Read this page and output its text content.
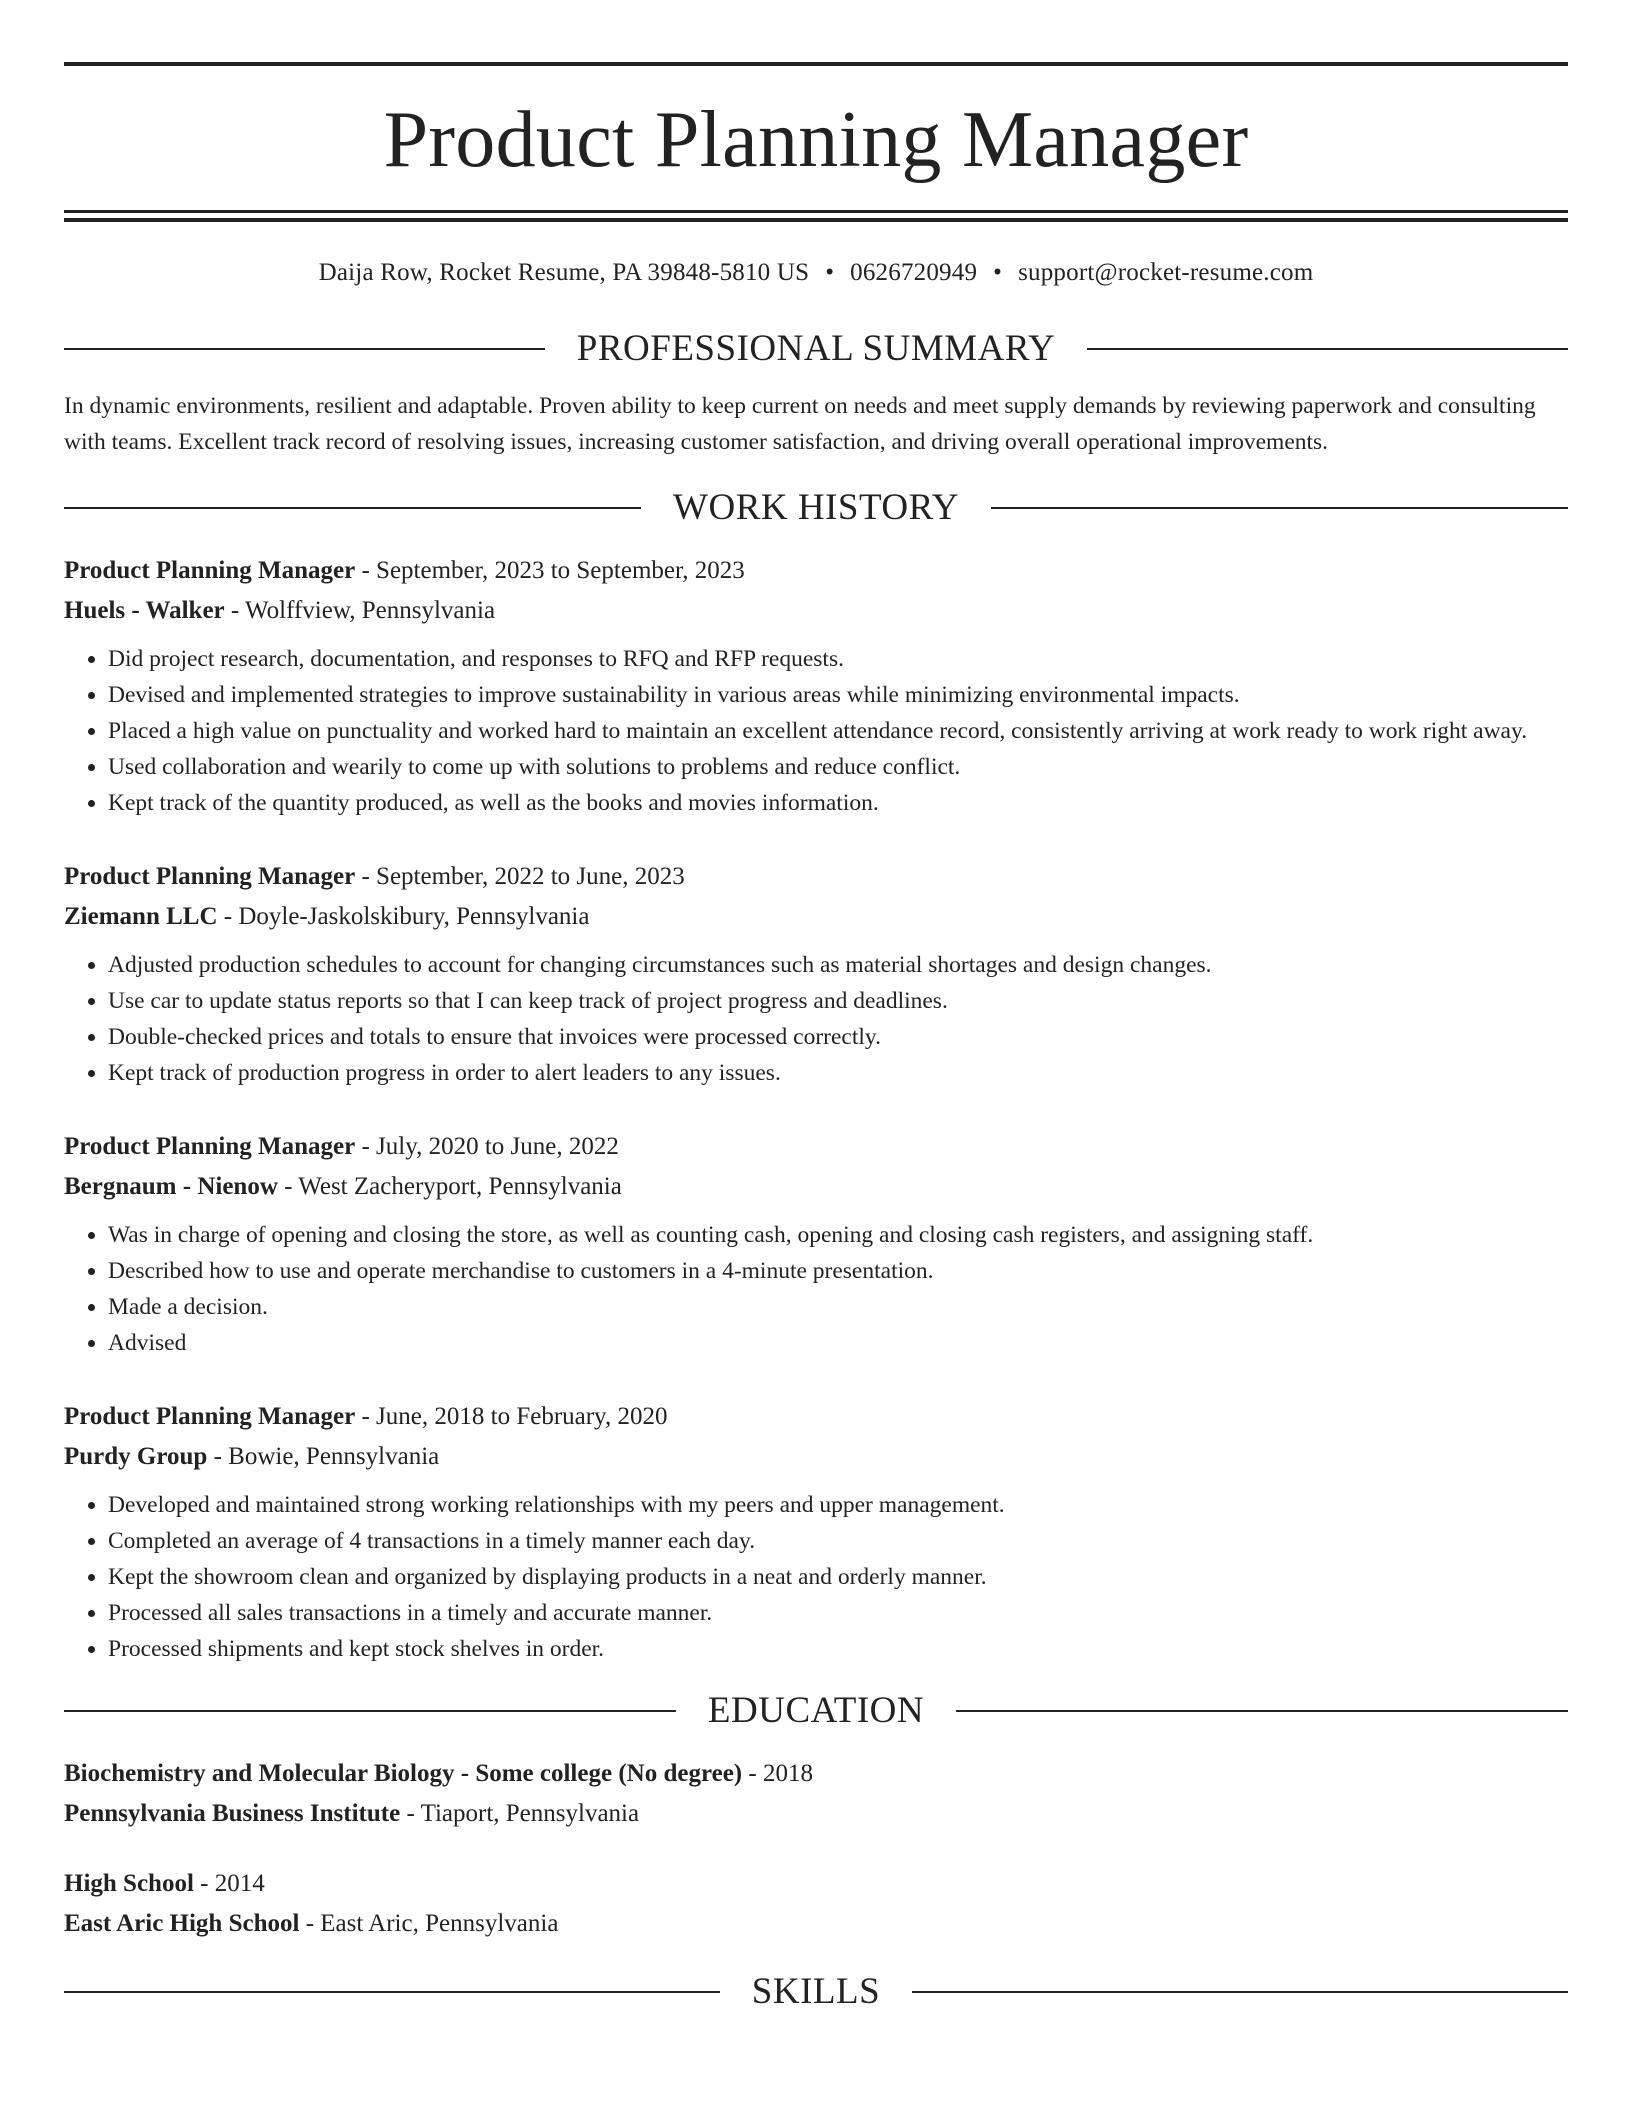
Product Planning Manager
Daija Row, Rocket Resume, PA 39848-5810 US • 0626720949 • support@rocket-resume.com
PROFESSIONAL SUMMARY

In dynamic environments, resilient and adaptable. Proven ability to keep current on needs and meet supply demands by reviewing paperwork and consulting with teams. Excellent track record of resolving issues, increasing customer satisfaction, and driving overall operational improvements.

WORK HISTORY
Product Planning Manager - September, 2023 to September, 2023
Huels - Walker - Wolffview, Pennsylvania
• Did project research, documentation, and responses to RFQ and RFP requests.
• Devised and implemented strategies to improve sustainability in various areas while minimizing environmental impacts.
• Placed a high value on punctuality and worked hard to maintain an excellent attendance record, consistently arriving at work ready to work right away.
• Used collaboration and wearily to come up with solutions to problems and reduce conflict.
• Kept track of the quantity produced, as well as the books and movies information.
Product Planning Manager - September, 2022 to June, 2023
Ziemann LLC - Doyle-Jaskolskibury, Pennsylvania
• Adjusted production schedules to account for changing circumstances such as material shortages and design changes.
• Use car to update status reports so that I can keep track of project progress and deadlines.
• Double-checked prices and totals to ensure that invoices were processed correctly.
• Kept track of production progress in order to alert leaders to any issues.
Product Planning Manager - July, 2020 to June, 2022
Bergnaum - Nienow - West Zacheryport, Pennsylvania
• Was in charge of opening and closing the store, as well as counting cash, opening and closing cash registers, and assigning staff.
• Described how to use and operate merchandise to customers in a 4-minute presentation.
• Made a decision.
• Advised
Product Planning Manager - June, 2018 to February, 2020
Purdy Group - Bowie, Pennsylvania
• Developed and maintained strong working relationships with my peers and upper management.
• Completed an average of 4 transactions in a timely manner each day.
• Kept the showroom clean and organized by displaying products in a neat and orderly manner.
• Processed all sales transactions in a timely and accurate manner.
• Processed shipments and kept stock shelves in order.
EDUCATION
Biochemistry and Molecular Biology - Some college (No degree) - 2018
Pennsylvania Business Institute - Tiaport, Pennsylvania
High School - 2014
East Aric High School - East Aric, Pennsylvania
SKILLS
